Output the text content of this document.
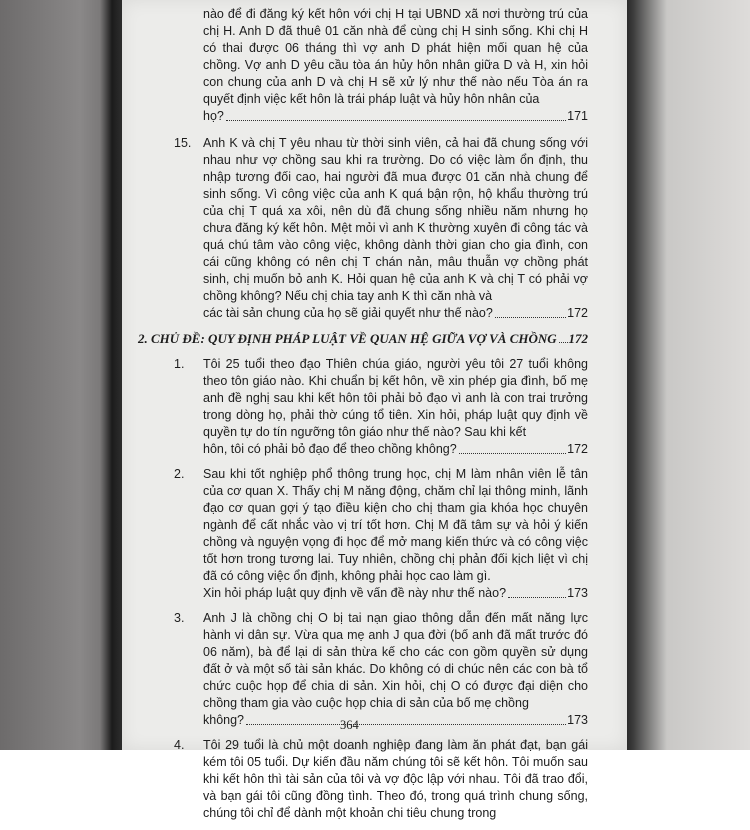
nào để đi đăng ký kết hôn với chị H tại UBND xã nơi thường trú của chị H. Anh D đã thuê 01 căn nhà để cùng chị H sinh sống. Khi chị H có thai được 06 tháng thì vợ anh D phát hiện mối quan hệ của chồng. Vợ anh D yêu cầu tòa án hủy hôn nhân giữa D và H, xin hỏi con chung của anh D và chị H sẽ xử lý như thế nào nếu Tòa án ra quyết định việc kết hôn là trái pháp luật và hủy hôn nhân của
họ?	171
15. Anh K và chị T yêu nhau từ thời sinh viên, cả hai đã chung sống với nhau như vợ chồng sau khi ra trường. Do có việc làm ổn định, thu nhập tương đối cao, hai người đã mua được 01 căn nhà chung để sinh sống. Vì công việc của anh K quá bận rộn, hộ khẩu thường trú của chị T quá xa xôi, nên dù đã chung sống nhiều năm nhưng họ chưa đăng ký kết hôn. Mệt mỏi vì anh K thường xuyên đi công tác và quá chú tâm vào công việc, không dành thời gian cho gia đình, con cái cũng không có nên chị T chán nản, mâu thuẫn vợ chồng phát sinh, chị muốn bỏ anh K. Hỏi quan hệ của anh K và chị T có phải vợ chồng không? Nếu chị chia tay anh K thì căn nhà và
các tài sản chung của họ sẽ giải quyết như thế nào?	172
2. CHỦ ĐỀ: QUY ĐỊNH PHÁP LUẬT VỀ QUAN HỆ GIỮA VỢ VÀ CHỒNG 172
1. Tôi 25 tuổi theo đạo Thiên chúa giáo, người yêu tôi 27 tuổi không theo tôn giáo nào. Khi chuẩn bị kết hôn, về xin phép gia đình, bố mẹ anh đề nghị sau khi kết hôn tôi phải bỏ đạo vì anh là con trai trưởng trong dòng họ, phải thờ cúng tổ tiên. Xin hỏi, pháp luật quy định về quyền tự do tín ngưỡng tôn giáo như thế nào? Sau khi kết
hôn, tôi có phải bỏ đạo để theo chồng không?	172
2. Sau khi tốt nghiệp phổ thông trung học, chị M làm nhân viên lễ tân của cơ quan X. Thấy chị M năng động, chăm chỉ lại thông minh, lãnh đạo cơ quan gợi ý tạo điều kiện cho chị tham gia khóa học chuyên ngành để cất nhắc vào vị trí tốt hơn. Chị M đã tâm sự và hỏi ý kiến chồng và nguyện vọng đi học để mở mang kiến thức và có công việc tốt hơn trong tương lai. Tuy nhiên, chồng chị phản đối kịch liệt vì chị đã có công việc ổn định, không phải học cao làm gì.
Xin hỏi pháp luật quy định về vấn đề này như thế nào?	173
3. Anh J là chồng chị O bị tai nạn giao thông dẫn đến mất năng lực hành vi dân sự. Vừa qua mẹ anh J qua đời (bố anh đã mất trước đó 06 năm), bà để lại di sản thừa kế cho các con gồm quyền sử dụng đất ở và một số tài sản khác. Do không có di chúc nên các con bà tổ chức cuộc họp để chia di sản. Xin hỏi, chị O có được đại diện cho chồng tham gia vào cuộc họp chia di sản của bố mẹ chồng
không?	173
4. Tôi 29 tuổi là chủ một doanh nghiệp đang làm ăn phát đạt, bạn gái kém tôi 05 tuổi. Dự kiến đầu năm chúng tôi sẽ kết hôn. Tôi muốn sau khi kết hôn thì tài sản của tôi và vợ độc lập với nhau. Tôi đã trao đổi, và bạn gái tôi cũng đồng tình. Theo đó, trong quá trình chung sống, chúng tôi chỉ để dành một khoản chi tiêu chung trong
364
